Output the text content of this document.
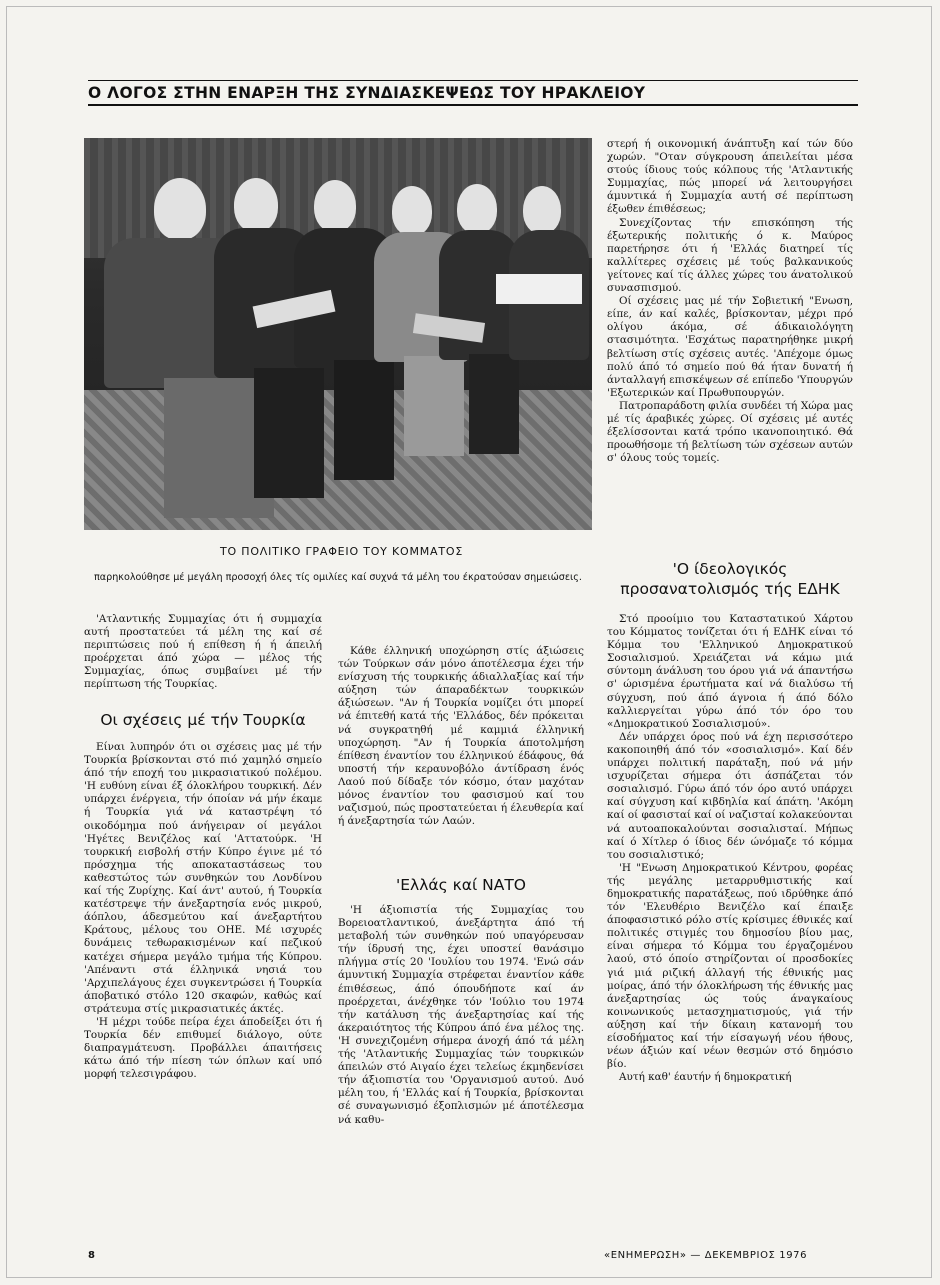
Ο ΛΟΓΟΣ ΣΤΗΝ ΕΝΑΡΞΗ ΤΗΣ ΣΥΝΔΙΑΣΚΕΨΕΩΣ ΤΟΥ ΗΡΑΚΛΕΙΟΥ
ΤΟ ΠΟΛΙΤΙΚΟ ΓΡΑΦΕΙΟ ΤΟΥ ΚΟΜΜΑΤΟΣ
παρηκολούθησε μέ μεγάλη προσοχή όλες τίς ομιλίες καί συχνά τά μέλη του έκρατούσαν σημειώσεις.

'Ατλαντικής Συμμαχίας ότι ή συμμαχία αυτή προστατεύει τά μέλη της καί σέ περιπτώσεις πού ή επίθεση ή ή άπειλή προέρχεται άπό χώρα — μέλος τής Συμμαχίας, όπως συμβαίνει μέ τήν περίπτωση τής Τουρκίας.

Οι σχέσεις μέ τήν Τουρκία

Είναι λυπηρόν ότι οι σχέσεις μας μέ τήν Τουρκία βρίσκονται στό πιό χαμηλό σημείο άπό τήν εποχή του μικρασιατικού πολέμου. 'Η ευθύνη είναι έξ όλοκλήρου τουρκική. Δέν υπάρχει ένέργεια, τήν όποίαν νά μήν έκαμε ή Τουρκία γιά νά καταστρέψη τό οικοδόμημα πού άνήγειραν οί μεγάλοι 'Ηγέτες Βενιζέλος καί 'Αττατούρκ. 'Η τουρκική εισβολή στήν Κύπρο έγινε μέ τό πρόσχημα τής αποκαταστάσεως του καθεστώτος τών συνθηκών του Λονδίνου καί τής Ζυρίχης. Καί άντ' αυτού, ή Τουρκία κατέστρεψε τήν άνεξαρτησία ενός μικρού, άόπλου, άδεσμεύτου καί άνεξαρτήτου Κράτους, μέλους του ΟΗΕ. Μέ ισχυρές δυνάμεις τεθωρακισμένων καί πεζικού κατέχει σήμερα μεγάλο τμήμα τής Κύπρου. 'Απέναντι στά έλληνικά νησιά του 'Αρχιπελάγους έχει συγκεντρώσει ή Τουρκία άποβατικό στόλο 120 σκαφών, καθώς καί στράτευμα στίς μικρασιατικές άκτές.

'Η μέχρι τούδε πείρα έχει άποδείξει ότι ή Τουρκία δέν επιθυμεί διάλογο, ούτε διαπραγμάτευση. Προβάλλει άπαιτήσεις κάτω άπό τήν πίεση τών όπλων καί υπό μορφή τελεσιγράφου.

Κάθε έλληνική υποχώρηση στίς άξιώσεις τών Τούρκων σάν μόνο άποτέλεσμα έχει τήν ενίσχυση τής τουρκικής άδιαλλαξίας καί τήν αύξηση τών άπαραδέκτων τουρκικών άξιώσεων. "Αν ή Τουρκία νομίζει ότι μπορεί νά έπιτεθή κατά τής 'Ελλάδος, δέν πρόκειται νά συγκρατηθή μέ καμμιά έλληνική υποχώρηση. "Αν ή Τουρκία άποτολμήση έπίθεση έναντίον του έλληνικού έδάφους, θά υποστή τήν κεραυνοβόλο άντίδραση ένός Λαού πού δίδαξε τόν κόσμο, όταν μαχόταν μόνος έναντίον του φασισμού καί του ναζισμού, πώς προστατεύεται ή έλευθερία καί ή άνεξαρτησία τών Λαών.

'Ελλάς καί ΝΑΤΟ

'Η άξιοπιστία τής Συμμαχίας του Βορειοατλαντικού, άνεξάρτητα άπό τή μεταβολή τών συνθηκών πού υπαγόρευσαν τήν ίδρυσή της, έχει υποστεί θανάσιμο πλήγμα στίς 20 'Ιουλίου του 1974. 'Ενώ σάν άμυντική Συμμαχία στρέφεται έναντίον κάθε έπιθέσεως, άπό όπουδήποτε καί άν προέρχεται, άνέχθηκε τόν 'Ιούλιο του 1974 τήν κατάλυση τής άνεξαρτησίας καί τής άκεραιότητος τής Κύπρου άπό ένα μέλος της. 'Η συνεχιζομένη σήμερα άνοχή άπό τά μέλη τής 'Ατλαντικής Συμμαχίας τών τουρκικών άπειλών στό Αιγαίο έχει τελείως έκμηδενίσει τήν άξιοπιστία του 'Οργανισμού αυτού. Δυό μέλη του, ή 'Ελλάς καί ή Τουρκία, βρίσκονται σέ συναγωνισμό έξοπλισμών μέ άποτέλεσμα νά καθυ-

στερή ή οικονομική άνάπτυξη καί τών δύο χωρών. "Οταν σύγκρουση άπειλείται μέσα στούς ίδιους τούς κόλπους τής 'Ατλαντικής Συμμαχίας, πώς μπορεί νά λειτουργήσει άμυντικά ή Συμμαχία αυτή σέ περίπτωση έξωθεν έπιθέσεως;

Συνεχίζοντας τήν επισκόπηση τής έξωτερικής πολιτικής ό κ. Μαύρος παρετήρησε ότι ή 'Ελλάς διατηρεί τίς καλλίτερες σχέσεις μέ τούς βαλκανικούς γείτονες καί τίς άλλες χώρες του άνατολικού συνασπισμού.

Οί σχέσεις μας μέ τήν Σοβιετική "Ενωση, είπε, άν καί καλές, βρίσκονταν, μέχρι πρό ολίγου άκόμα, σέ άδικαιολόγητη στασιμότητα. 'Εσχάτως παρατηρήθηκε μικρή βελτίωση στίς σχέσεις αυτές. 'Απέχομε όμως πολύ άπό τό σημείο πού θά ήταν δυνατή ή άνταλλαγή επισκέψεων σέ επίπεδο 'Υπουργών 'Εξωτερικών καί Πρωθυπουργών.

Πατροπαράδοτη φιλία συνδέει τή Χώρα μας μέ τίς άραβικές χώρες. Οί σχέσεις μέ αυτές έξελίσσονται κατά τρόπο ικανοποιητικό. Θά προωθήσομε τή βελτίωση τών σχέσεων αυτών σ' όλους τούς τομείς.

'Ο ίδεολογικός
προσανατολισμός τής ΕΔΗΚ

Στό προοίμιο του Καταστατικού Χάρτου του Κόμματος τονίζεται ότι ή ΕΔΗΚ είναι τό Κόμμα του 'Ελληνικού Δημοκρατικού Σοσιαλισμού. Χρειάζεται νά κάμω μιά σύντομη άνάλυση του όρου γιά νά άπαντήσω σ' ώρισμένα έρωτήματα καί νά διαλύσω τή σύγχυση, πού άπό άγνοια ή άπό δόλο καλλιεργείται γύρω άπό τόν όρο του «Δημοκρατικού Σοσιαλισμού».

Δέν υπάρχει όρος πού νά έχη περισσότερο κακοποιηθή άπό τόν «σοσιαλισμό». Καί δέν υπάρχει πολιτική παράταξη, πού νά μήν ισχυρίζεται σήμερα ότι άσπάζεται τόν σοσιαλισμό. Γύρω άπό τόν όρο αυτό υπάρχει καί σύγχυση καί κιβδηλία καί άπάτη. 'Ακόμη καί οί φασισταί καί οί ναζισταί κολακεύονται νά αυτοαποκαλούνται σοσιαλισταί. Μήπως καί ό Χίτλερ ό ίδιος δέν ώνόμαζε τό κόμμα του σοσιαλιστικό;

'Η "Ενωση Δημοκρατικού Κέντρου, φορέας τής μεγάλης μεταρρυθμιστικής καί δημοκρατικής παρατάξεως, πού ιδρύθηκε άπό τόν 'Ελευθέριο Βενιζέλο καί έπαιξε άποφασιστικό ρόλο στίς κρίσιμες έθνικές καί πολιτικές στιγμές του δημοσίου βίου μας, είναι σήμερα τό Κόμμα του έργαζομένου λαού, στό όποίο στηρίζονται οί προσδοκίες γιά μιά ριζική άλλαγή τής έθνικής μας μοίρας, άπό τήν όλοκλήρωση τής έθνικής μας άνεξαρτησίας ώς τούς άναγκαίους κοινωνικούς μετασχηματισμούς, γιά τήν αύξηση καί τήν δίκαιη κατανομή του είσοδήματος καί τήν είσαγωγή νέου ήθους, νέων άξιών καί νέων θεσμών στό δημόσιο βίο.

Αυτή καθ' έαυτήν ή δημοκρατική

8	«ΕΝΗΜΕΡΩΣΗ» — ΔΕΚΕΜΒΡΙΟΣ 1976
